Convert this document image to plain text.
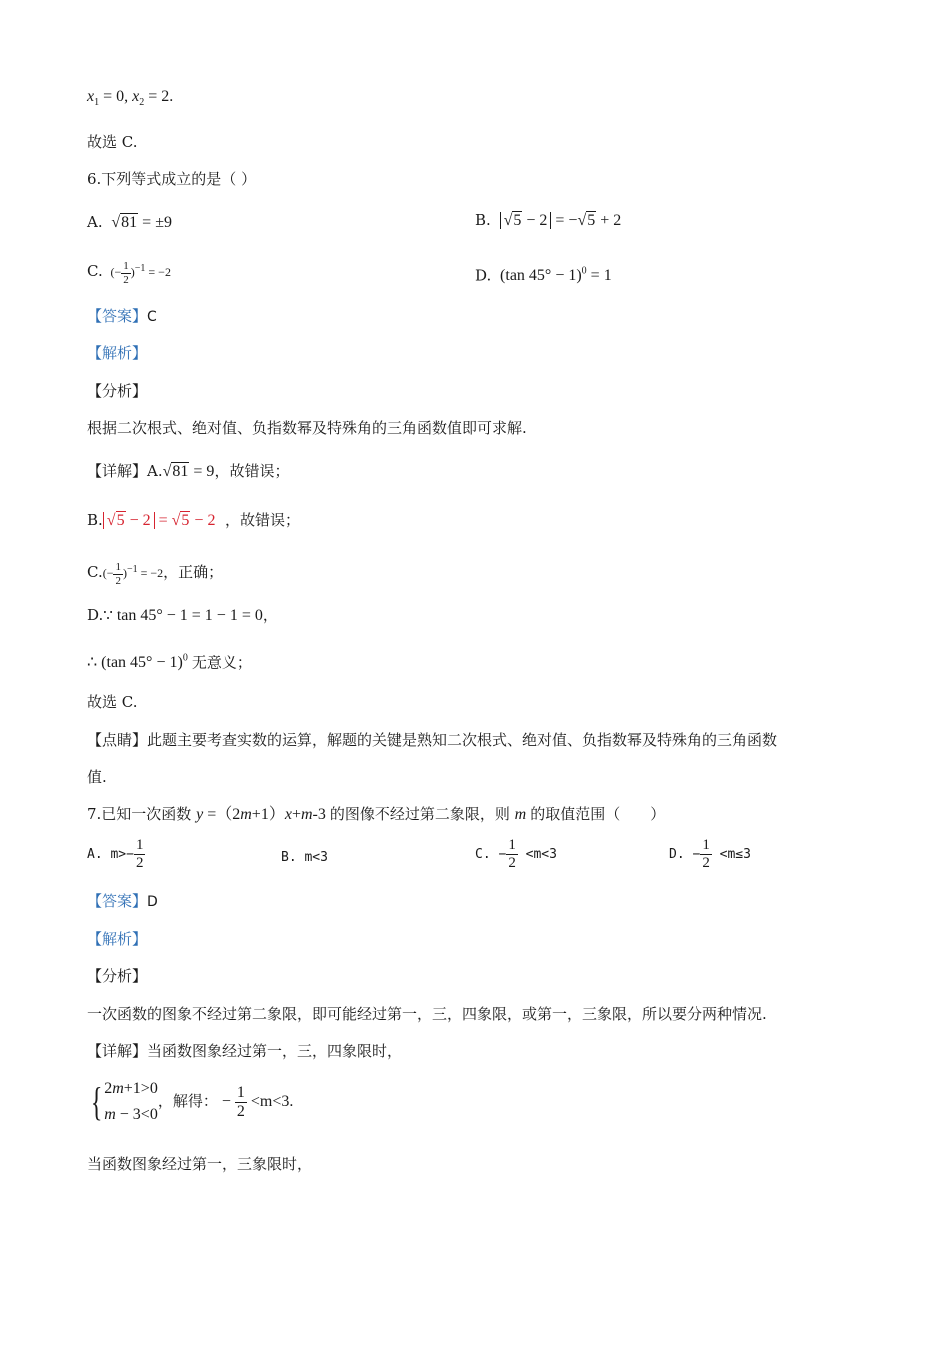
$x_1 = 0$, $x_2 = 2$.
故选 C.
6.下列等式成立的是（ ）
A.  √81 = ±9	B. √5 − 2 = −√5 + 2
C.  (− $\frac{1}{2} )^{-1} = -2$	D.  (tan 45° − 1)$^0$ = 1
【答案】C
【解析】
【分析】
根据二次根式、绝对值、负指数幂及特殊角的三角函数值即可求解.
【详解】A.√81 = 9，故错误；
B. √5 − 2 = √5 − 2 ，故错误；
$C.(- \frac{1}{2} )^{-1} = -2$，正确；
D.∵ tan 45° − 1 = 1 − 1 = 0，
∴ (tan 45° − 1)$^0$ 无意义；
故选 C.
【点睛】此题主要考查实数的运算，解题的关键是熟知二次根式、绝对值、负指数幂及特殊角的三角函数
值.
7.已知一次函数 y =（2m+1）x+m-3 的图像不经过第二象限，则 m 的取值范围（　　）
A. $m>- \frac{1}{2}$	B. m<3	C. − $\frac{1}{2} <m<3$	D. − $\frac{1}{2} <m\le 3$
【答案】D
【解析】
【分析】
一次函数的图象不经过第二象限，即可能经过第一，三，四象限，或第一，三象限，所以要分两种情况.
【详解】当函数图象经过第一，三，四象限时，
{ 2m+1>0
m − 3<0，解得： − $\frac{1}{2} <m<3$.
当函数图象经过第一，三象限时，
